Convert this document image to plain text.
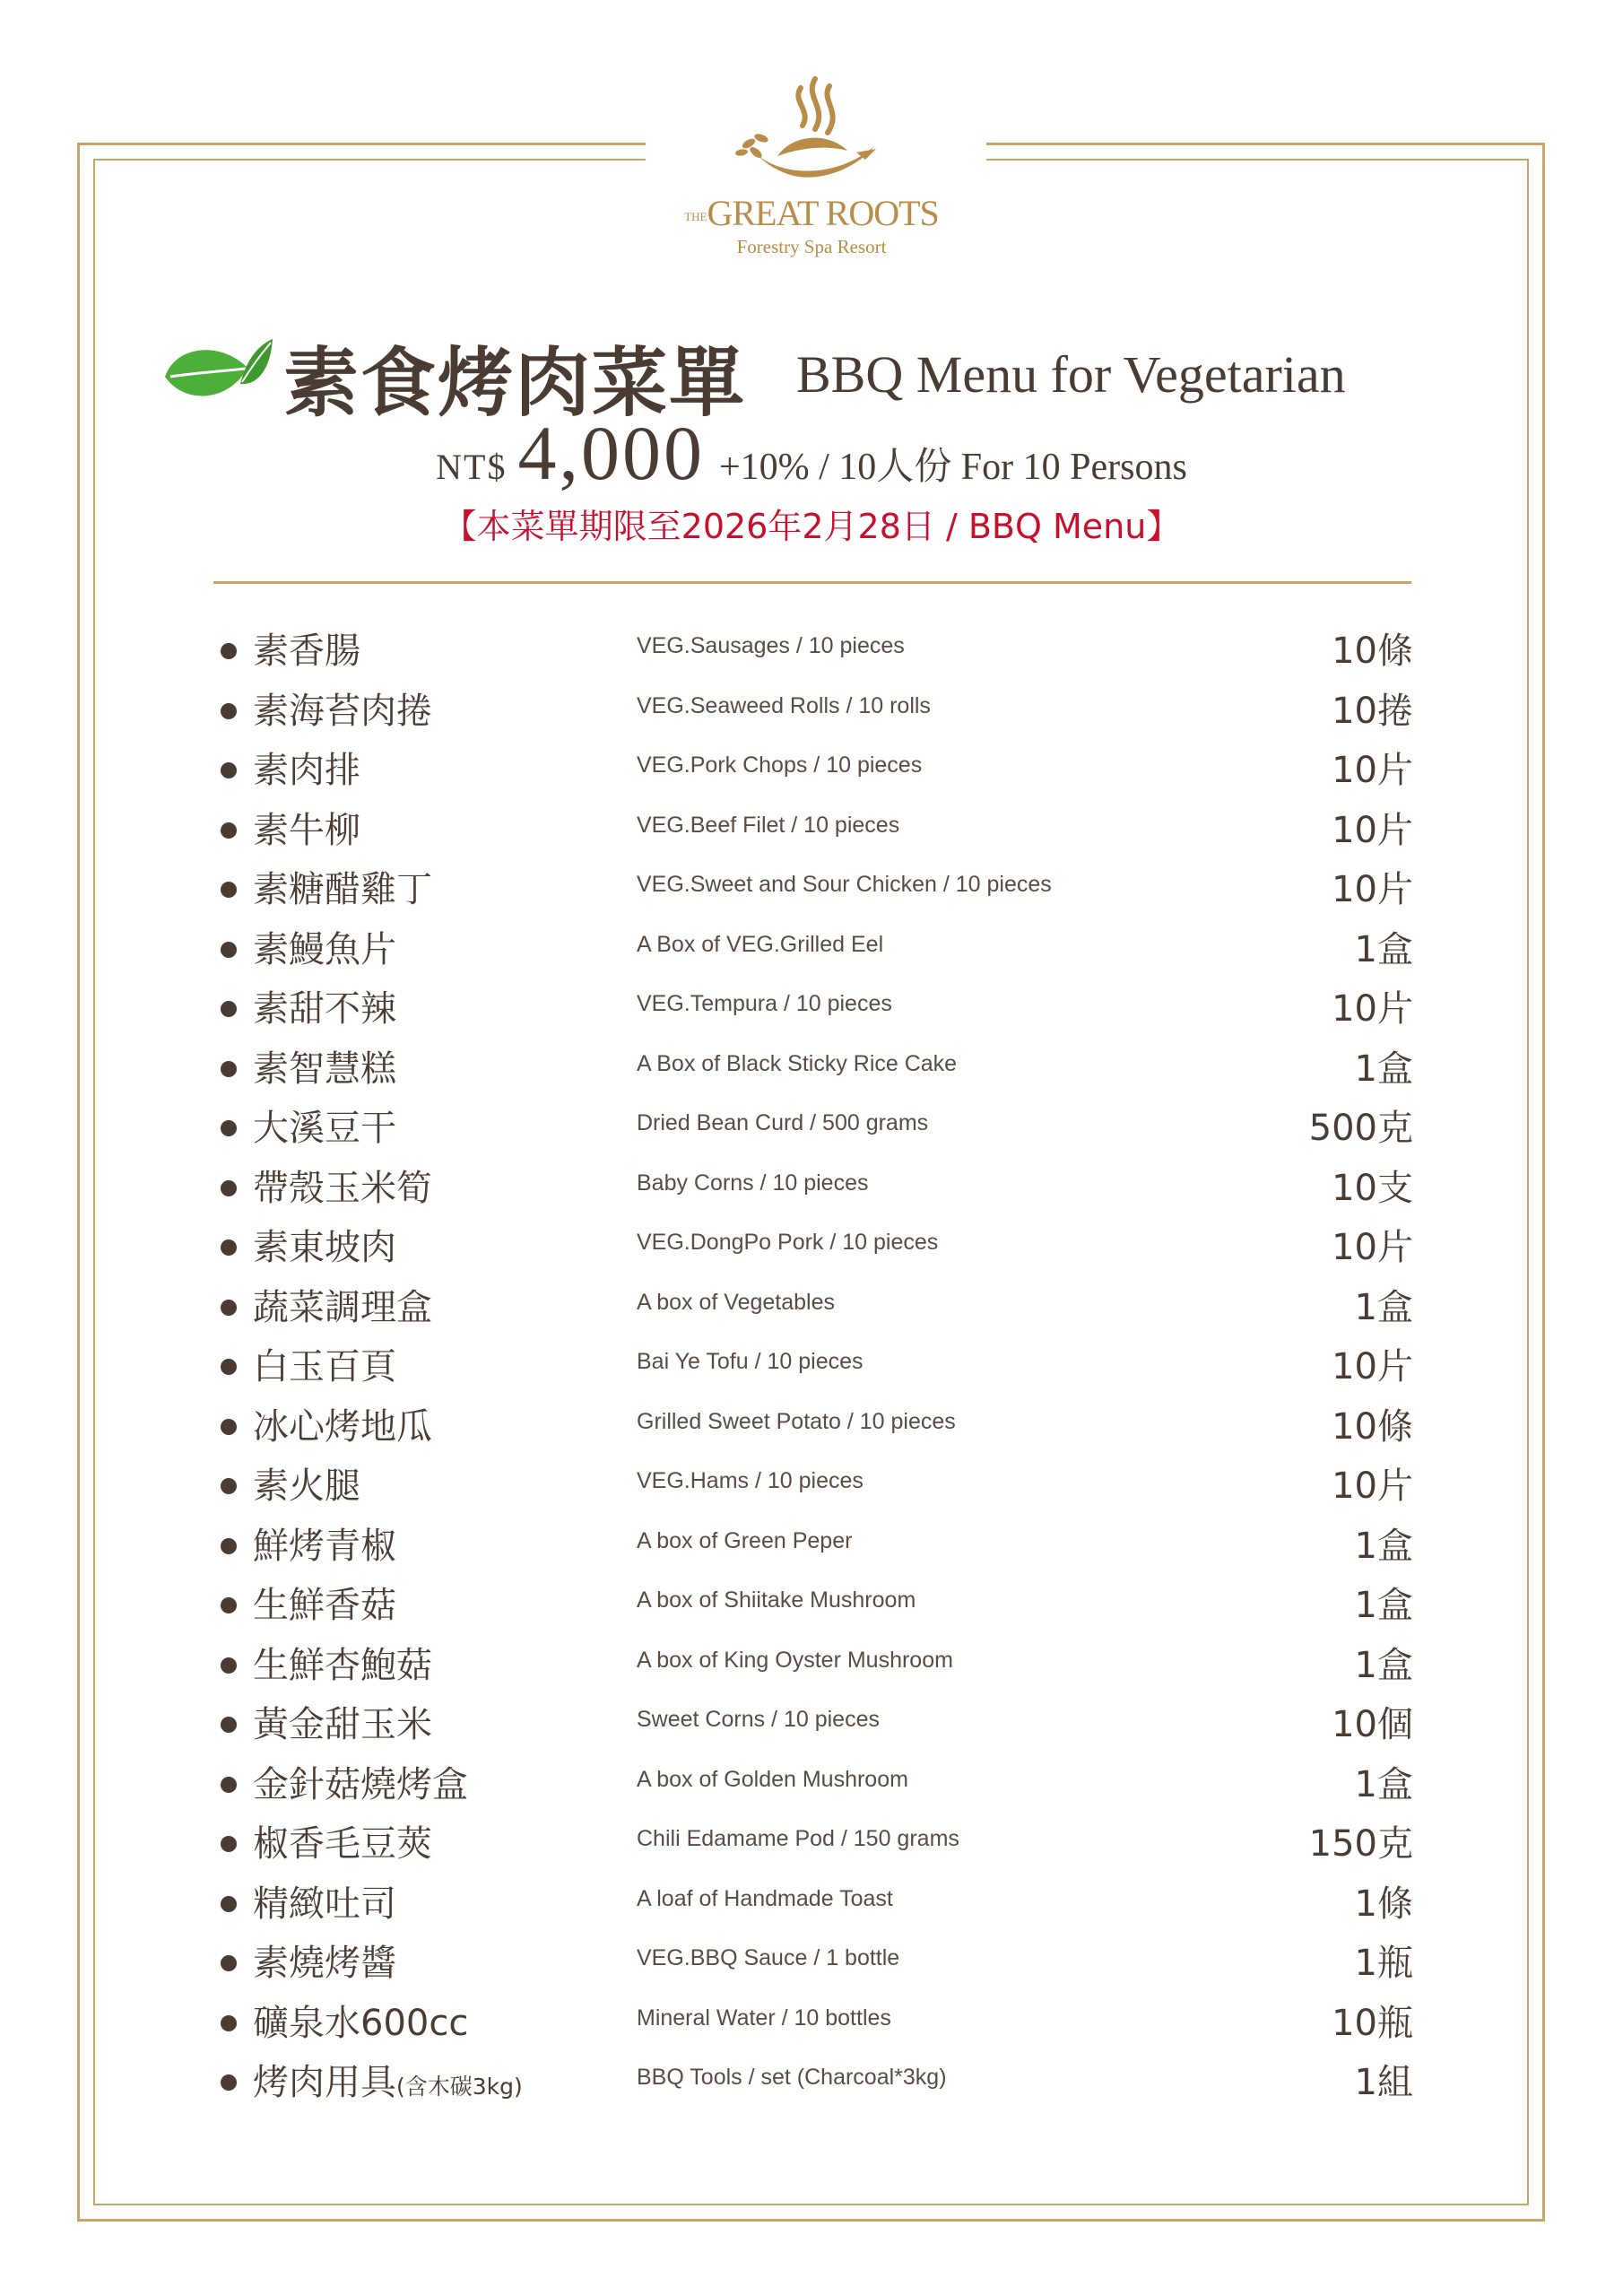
THEGREAT ROOTS
Forestry Spa Resort
素食烤肉菜單 BBQ Menu for Vegetarian
NT$ 4,000 +10% / 10人份 For 10 Persons
【本菜單期限至2026年2月28日 / BBQ Menu】
素香腸	VEG.Sausages / 10 pieces	10條
素海苔肉捲	VEG.Seaweed Rolls / 10 rolls	10捲
素肉排	VEG.Pork Chops / 10 pieces	10片
素牛柳	VEG.Beef Filet / 10 pieces	10片
素糖醋雞丁	VEG.Sweet and Sour Chicken / 10 pieces	10片
素鰻魚片	A Box of VEG.Grilled Eel	1盒
素甜不辣	VEG.Tempura / 10 pieces	10片
素智慧糕	A Box of Black Sticky Rice Cake	1盒
大溪豆干	Dried Bean Curd / 500 grams	500克
帶殼玉米筍	Baby Corns / 10 pieces	10支
素東坡肉	VEG.DongPo Pork / 10 pieces	10片
蔬菜調理盒	A box of Vegetables	1盒
白玉百頁	Bai Ye Tofu / 10 pieces	10片
冰心烤地瓜	Grilled Sweet Potato / 10 pieces	10條
素火腿	VEG.Hams / 10 pieces	10片
鮮烤青椒	A box of Green Peper	1盒
生鮮香菇	A box of Shiitake Mushroom	1盒
生鮮杏鮑菇	A box of King Oyster Mushroom	1盒
黃金甜玉米	Sweet Corns / 10 pieces	10個
金針菇燒烤盒	A box of Golden Mushroom	1盒
椒香毛豆莢	Chili Edamame Pod / 150 grams	150克
精緻吐司	A loaf of Handmade Toast	1條
素燒烤醬	VEG.BBQ Sauce / 1 bottle	1瓶
礦泉水600cc	Mineral Water / 10 bottles	10瓶
烤肉用具(含木碳3kg)	BBQ Tools / set (Charcoal*3kg)	1組
